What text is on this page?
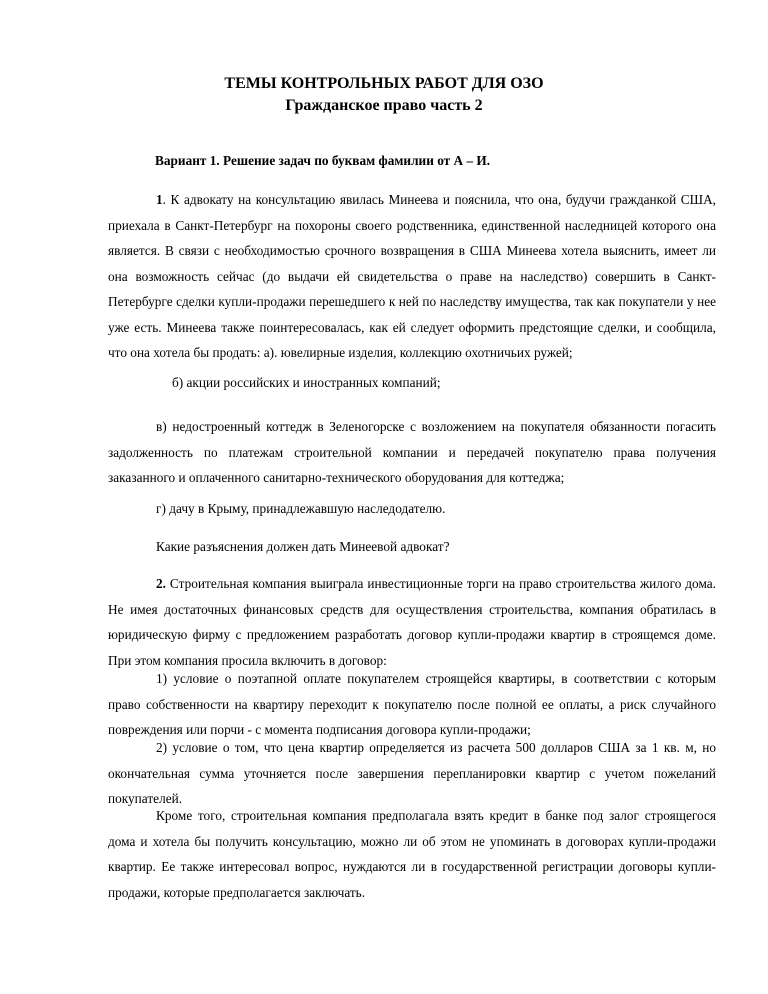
ТЕМЫ КОНТРОЛЬНЫХ РАБОТ ДЛЯ ОЗО
Гражданское право часть 2
Вариант 1. Решение задач по буквам фамилии от А – И.

1. К адвокату на консультацию явилась Минеева и пояснила, что она, будучи гражданкой США, приехала в Санкт-Петербург на похороны своего родственника, единственной наследницей которого она является. В связи с необходимостью срочного возвращения в США Минеева хотела выяснить, имеет ли она возможность сейчас (до выдачи ей свидетельства о праве на наследство) совершить в Санкт-Петербурге сделки купли-продажи перешедшего к ней по наследству имущества, так как покупатели у нее уже есть. Минеева также поинтересовалась, как ей следует оформить предстоящие сделки, и сообщила, что она хотела бы продать: а). ювелирные изделия, коллекцию охотничьих ружей;

б) акции российских и иностранных компаний;

в) недостроенный коттедж в Зеленогорске с возложением на покупателя обязанности погасить задолженность по платежам строительной компании и передачей покупателю права получения заказанного и оплаченного санитарно-технического оборудования для коттеджа;

г) дачу в Крыму, принадлежавшую наследодателю.

Какие разъяснения должен дать Минеевой адвокат?

2. Строительная компания выиграла инвестиционные торги на право строительства жилого дома. Не имея достаточных финансовых средств для осуществления строительства, компания обратилась в юридическую фирму с предложением разработать договор купли-продажи квартир в строящемся доме. При этом компания просила включить в договор:

1) условие о поэтапной оплате покупателем строящейся квартиры, в соответствии с которым право собственности на квартиру переходит к покупателю после полной ее оплаты, а риск случайного повреждения или порчи - с момента подписания договора купли-продажи;

2) условие о том, что цена квартир определяется из расчета 500 долларов США за 1 кв. м, но окончательная сумма уточняется после завершения перепланировки квартир с учетом пожеланий покупателей.

Кроме того, строительная компания предполагала взять кредит в банке под залог строящегося дома и хотела бы получить консультацию, можно ли об этом не упоминать в договорах купли-продажи квартир. Ее также интересовал вопрос, нуждаются ли в государственной регистрации договоры купли-продажи, которые предполагается заключать.
